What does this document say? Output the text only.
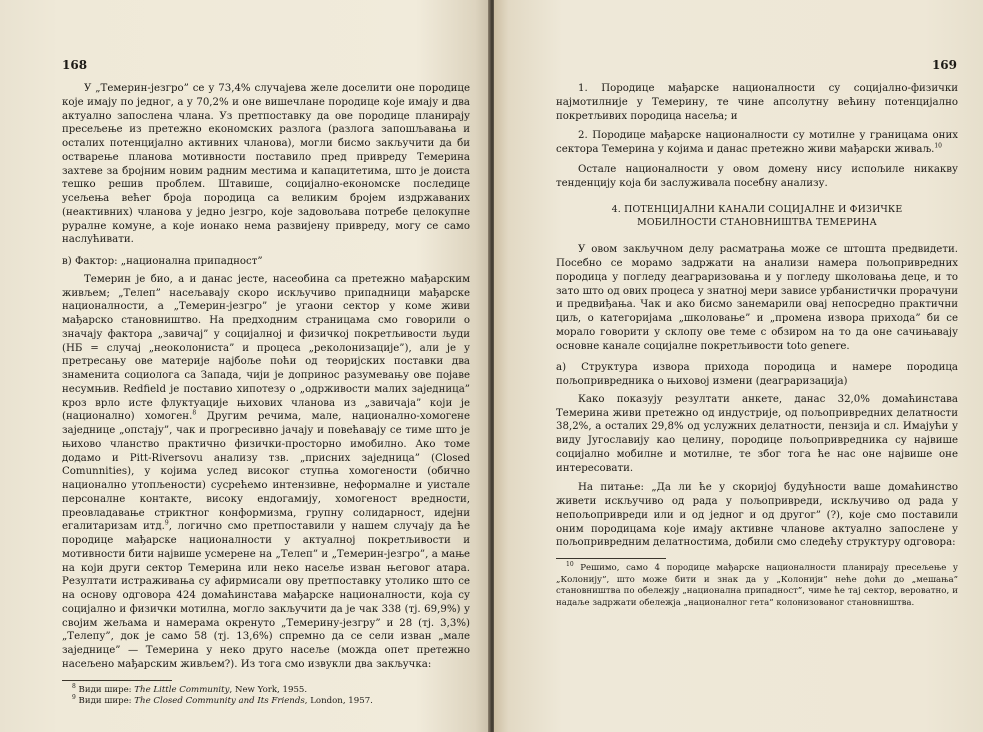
168

У „Темерин-језгро” се у 73,4% случајева желе доселити оне породице које имају по једног, а у 70,2% и оне вишечлане породице које имају и два актуално запослена члана. Уз претпоставку да ове породице планирају пресељење из претежно економских разлога (разлога запошљавања и осталих потенцијално активних чланова), могли бисмо закључити да би остварење планова мотивности поставило пред привреду Темерина захтеве за бројним новим радним местима и капацитетима, што је доиста тешко решив проблем. Штавише, социјално-економске последице усељења већег броја породица са великим бројем издржаваних (неактивних) чланова у једно језгро, које задовољава потребе целокупне руралне комуне, а које ионако нема развијену привреду, могу се само наслућивати.

в) Фактор: „национална припадност”

Темерин је био, а и данас јесте, насеобина са претежно мађарским живљем; „Телеп” насељавају скоро искључиво припадници мађарске националности, а „Темерин-језгро” је угаони сектор у коме живи мађарско становништво. На предходним страницама смо говорили о значају фактора „завичај” у социјалној и физичкој покретљивости људи (НБ = случај „неоколониста” и процеса „реколонизације”), али је у претресању ове материје најбоље поћи од теоријских поставки два знаменита социолога са Запада, чији је допринос разумевању ове појаве несумњив. Redfield је поставио хипотезу о „одрживости малих заједница” кроз врло исте флуктуације њихових чланова из „завичаја” који је (национално) хомоген.$^8$ Другим речима, мале, национално-хомогене заједнице „опстају”, чак и прогресивно јачају и повећавају се тиме што је њихово чланство практично физички-просторно имобилно. Ако томе додамо и Pitt-Riversovu анализу тзв. „присних заједница” (Closed Comunnities), у којима услед високог ступња хомогености (обично национално утопљености) сусрећемо интензивне, неформалне и уистале персоналне контакте, високу ендогамију, хомогеност вредности, преовладавање стриктног конформизма, групну солидарност, идејни егалитаризам итд.$^9$, логично смо претпоставили у нашем случају да ће породице мађарске националности у актуалној покретљивости и мотивности бити највише усмерене на „Телеп” и „Темерин-језгро”, а мање на који други сектор Темерина или неко насеље изван његовог атара. Резултати истраживања су афирмисали ову претпоставку утолико што се на основу одговора 424 домаћинстава мађарске националности, која су социјално и физички мотилна, могло закључити да је чак 338 (тј. 69,9%) у својим жељама и намерама окренуто „Темерину-језгру” и 28 (тј. 3,3%) „Телепу”, док је само 58 (тј. 13,6%) спремно да се сели изван „мале заједнице” — Темерина у неко друго насеље (можда опет претежно насељено мађарским живљем?). Из тога смо извукли два закључка:

$^8$ Види шире: The Little Community, New York, 1955.

$^9$ Види шире: The Closed Community and Its Friends, London, 1957.

169

1. Породице мађарске националности су социјално-физички најмотилније у Темерину, те чине апсолутну већину потенцијално покретљивих породица насеља; и

2. Породице мађарске националности су мотилне у границама оних сектора Темерина у којима и данас претежно живи мађарски живаљ.$^{10}$

Остале националности у овом домену нису испољиле никакву тенденцију која би заслуживала посебну анализу.

4. ПОТЕНЦИЈАЛНИ КАНАЛИ СОЦИЈАЛНЕ И ФИЗИЧКЕ
МОБИЛНОСТИ СТАНОВНИШТВА ТЕМЕРИНА

У овом закључном делу расматрања може се штошта предвидети. Посебно се морамо задржати на анализи намера пољопривредних породица у погледу деаграризовања и у погледу школовања деце, и то зато што од ових процеса у знатној мери зависе урбанистички прорачуни и предвиђања. Чак и ако бисмо занемарили овај непосредно практични циљ, о категоријама „школовање” и „промена извора прихода” би се морало говорити у склопу ове теме с обзиром на то да оне сачињавају основне канале социјалне покретљивости toto genere.

а) Структура извора прихода породица и намере породица пољопривредника о њиховој измени (деаграризација)

Како показују резултати анкете, данас 32,0% домаћинстава Темерина живи претежно од индустрије, од пољопривредних делатности 38,2%, а осталих 29,8% од услужних делатности, пензија и сл. Имајући у виду Југославију као целину, породице пољопривредника су највише социјално мобилне и мотилне, те због тога ће нас оне највише оне интересовати.

На питање: „Да ли ће у скоријој будућности ваше домаћинство живети искључиво од рада у пољопривреди, искључиво од рада у непољопривреди или и од једног и од другог” (?), које смо поставили оним породицама које имају активне чланове актуално запослене у пољопривредним делатностима, добили смо следећу структуру одговора:

$^{10}$ Решимо, само 4 породице мађарске националности планирају пресељење у „Колонију”, што може бити и знак да у „Колонији” неће доћи до „мешања” становништва по обележју „национална припадност”, чиме ће тај сектор, вероватно, и надаље задржати обележја „националног гета” колонизованог становништва.
